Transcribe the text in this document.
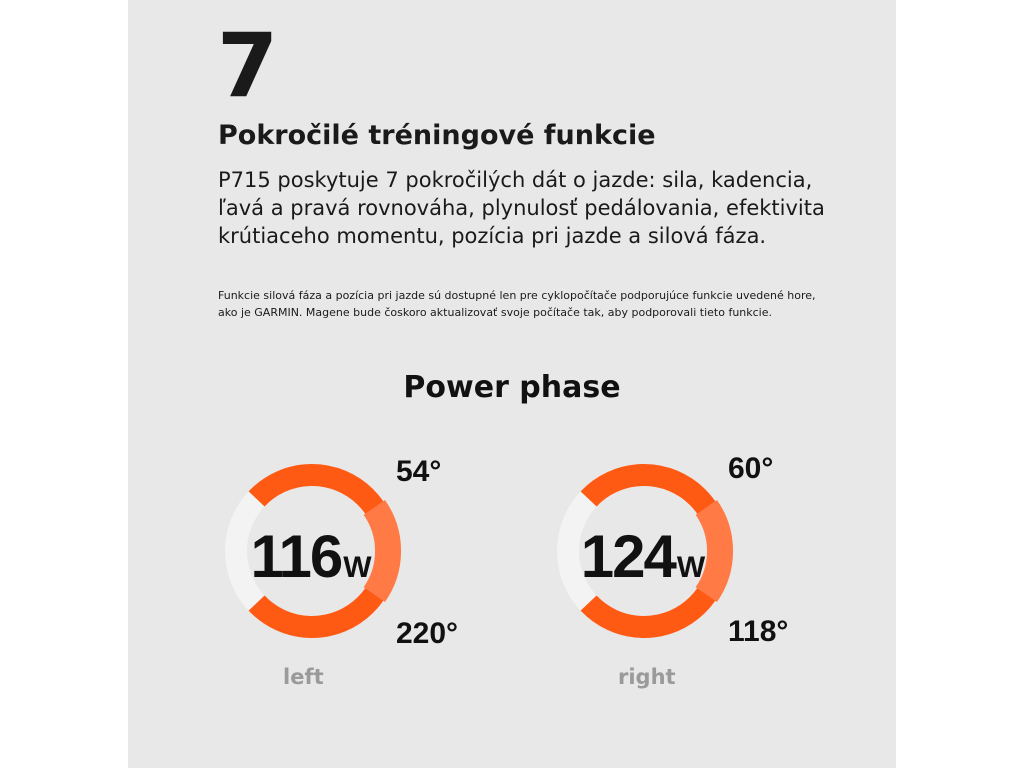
7
Pokročilé tréningové funkcie
P715 poskytuje 7 pokročilých dát o jazde: sila, kadencia, ľavá a pravá rovnováha, plynulosť pedálovania, efektivita krútiaceho momentu, pozícia pri jazde a silová fáza.
Funkcie silová fáza a pozícia pri jazde sú dostupné len pre cyklopočítače podporujúce funkcie uvedené hore, ako je GARMIN. Magene bude čoskoro aktualizovať svoje počítače tak, aby podporovali tieto funkcie.
Power phase
116W
54°
220°
left
124W
60°
118°
right
